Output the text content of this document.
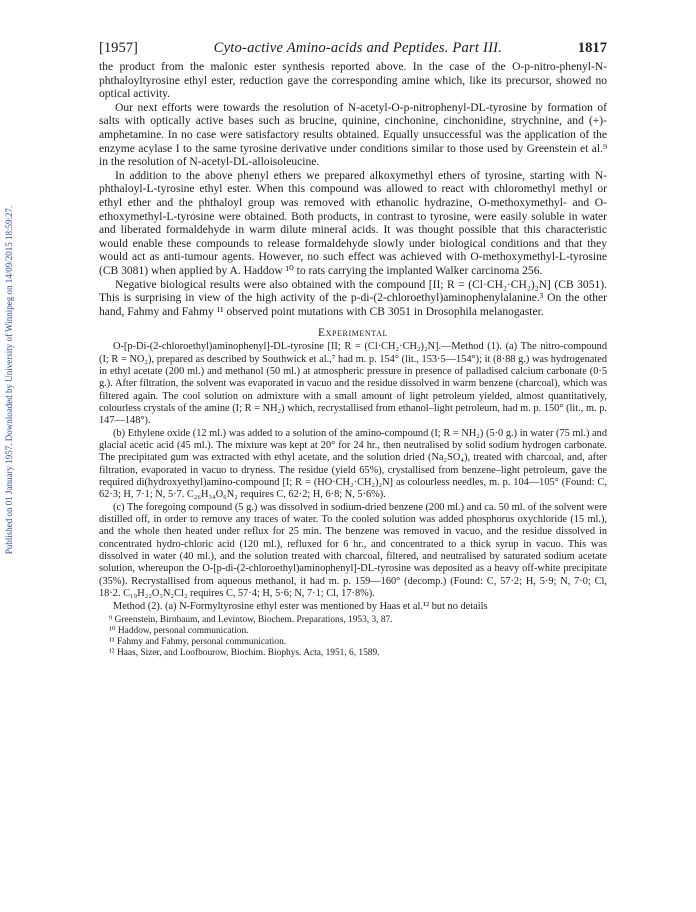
Published on 01 January 1957. Downloaded by University of Winnipeg on 14/09/2015 18:59:27.
[1957]	Cyto-active Amino-acids and Peptides. Part III.	1817

the product from the malonic ester synthesis reported above. In the case of the O-p-nitro-phenyl-N-phthaloyltyrosine ethyl ester, reduction gave the corresponding amine which, like its precursor, showed no optical activity.

Our next efforts were towards the resolution of N-acetyl-O-p-nitrophenyl-DL-tyrosine by formation of salts with optically active bases such as brucine, quinine, cinchonine, cinchonidine, strychnine, and (+)-amphetamine. In no case were satisfactory results obtained. Equally unsuccessful was the application of the enzyme acylase I to the same tyrosine derivative under conditions similar to those used by Greenstein et al.⁹ in the resolution of N-acetyl-DL-alloisoleucine.

In addition to the above phenyl ethers we prepared alkoxymethyl ethers of tyrosine, starting with N-phthaloyl-L-tyrosine ethyl ester. When this compound was allowed to react with chloromethyl methyl or ethyl ether and the phthaloyl group was removed with ethanolic hydrazine, O-methoxymethyl- and O-ethoxymethyl-L-tyrosine were obtained. Both products, in contrast to tyrosine, were easily soluble in water and liberated formaldehyde in warm dilute mineral acids. It was thought possible that this characteristic would enable these compounds to release formaldehyde slowly under biological conditions and that they would act as anti-tumour agents. However, no such effect was achieved with O-methoxymethyl-L-tyrosine (CB 3081) when applied by A. Haddow ¹⁰ to rats carrying the implanted Walker carcinoma 256.

Negative biological results were also obtained with the compound [II; R = (Cl·CH₂·CH₂)₂N] (CB 3051). This is surprising in view of the high activity of the p-di-(2-chloroethyl)aminophenylalanine.³ On the other hand, Fahmy and Fahmy ¹¹ observed point mutations with CB 3051 in Drosophila melanogaster.

Experimental

O-[p-Di-(2-chloroethyl)aminophenyl]-DL-tyrosine [II; R = (Cl·CH₂·CH₂)₂N].—Method (1). (a) The nitro-compound (I; R = NO₂), prepared as described by Southwick et al.,⁷ had m. p. 154° (lit., 153·5—154°); it (8·88 g.) was hydrogenated in ethyl acetate (200 ml.) and methanol (50 ml.) at atmospheric pressure in presence of palladised calcium carbonate (0·5 g.). After filtration, the solvent was evaporated in vacuo and the residue dissolved in warm benzene (charcoal), which was filtered again. The cool solution on admixture with a small amount of light petroleum yielded, almost quantitatively, colourless crystals of the amine (I; R = NH₂) which, recrystallised from ethanol–light petroleum, had m. p. 150° (lit., m. p. 147—148°).

(b) Ethylene oxide (12 ml.) was added to a solution of the amino-compound (I; R = NH₂) (5·0 g.) in water (75 ml.) and glacial acetic acid (45 ml.). The mixture was kept at 20° for 24 hr., then neutralised by solid sodium hydrogen carbonate. The precipitated gum was extracted with ethyl acetate, and the solution dried (Na₂SO₄), treated with charcoal, and, after filtration, evaporated in vacuo to dryness. The residue (yield 65%), crystallised from benzene–light petroleum, gave the required di(hydroxyethyl)amino-compound [I; R = (HO·CH₂·CH₂)₂N] as colourless needles, m. p. 104—105° (Found: C, 62·3; H, 7·1; N, 5·7. C₂₆H₃₄O₆N₂ requires C, 62·2; H, 6·8; N, 5·6%).

(c) The foregoing compound (5 g.) was dissolved in sodium-dried benzene (200 ml.) and ca. 50 ml. of the solvent were distilled off, in order to remove any traces of water. To the cooled solution was added phosphorus oxychloride (15 ml.), and the whole then heated under reflux for 25 min. The benzene was removed in vacuo, and the residue dissolved in concentrated hydro-chloric acid (120 ml.), refluxed for 6 hr., and concentrated to a thick syrup in vacuo. This was dissolved in water (40 ml.), and the solution treated with charcoal, filtered, and neutralised by saturated sodium acetate solution, whereupon the O-[p-di-(2-chloroethyl)aminophenyl]-DL-tyrosine was deposited as a heavy off-white precipitate (35%). Recrystallised from aqueous methanol, it had m. p. 159—160° (decomp.) (Found: C, 57·2; H, 5·9; N, 7·0; Cl, 18·2. C₁₉H₂₂O₃N₂Cl₂ requires C, 57·4; H, 5·6; N, 7·1; Cl, 17·8%).

Method (2). (a) N-Formyltyrosine ethyl ester was mentioned by Haas et al.¹² but no details

⁹ Greenstein, Birnbaum, and Levintow, Biochem. Preparations, 1953, 3, 87.

¹⁰ Haddow, personal communication.

¹¹ Fahmy and Fahmy, personal communication.

¹² Haas, Sizer, and Loofbourow, Biochim. Biophys. Acta, 1951, 6, 1589.
